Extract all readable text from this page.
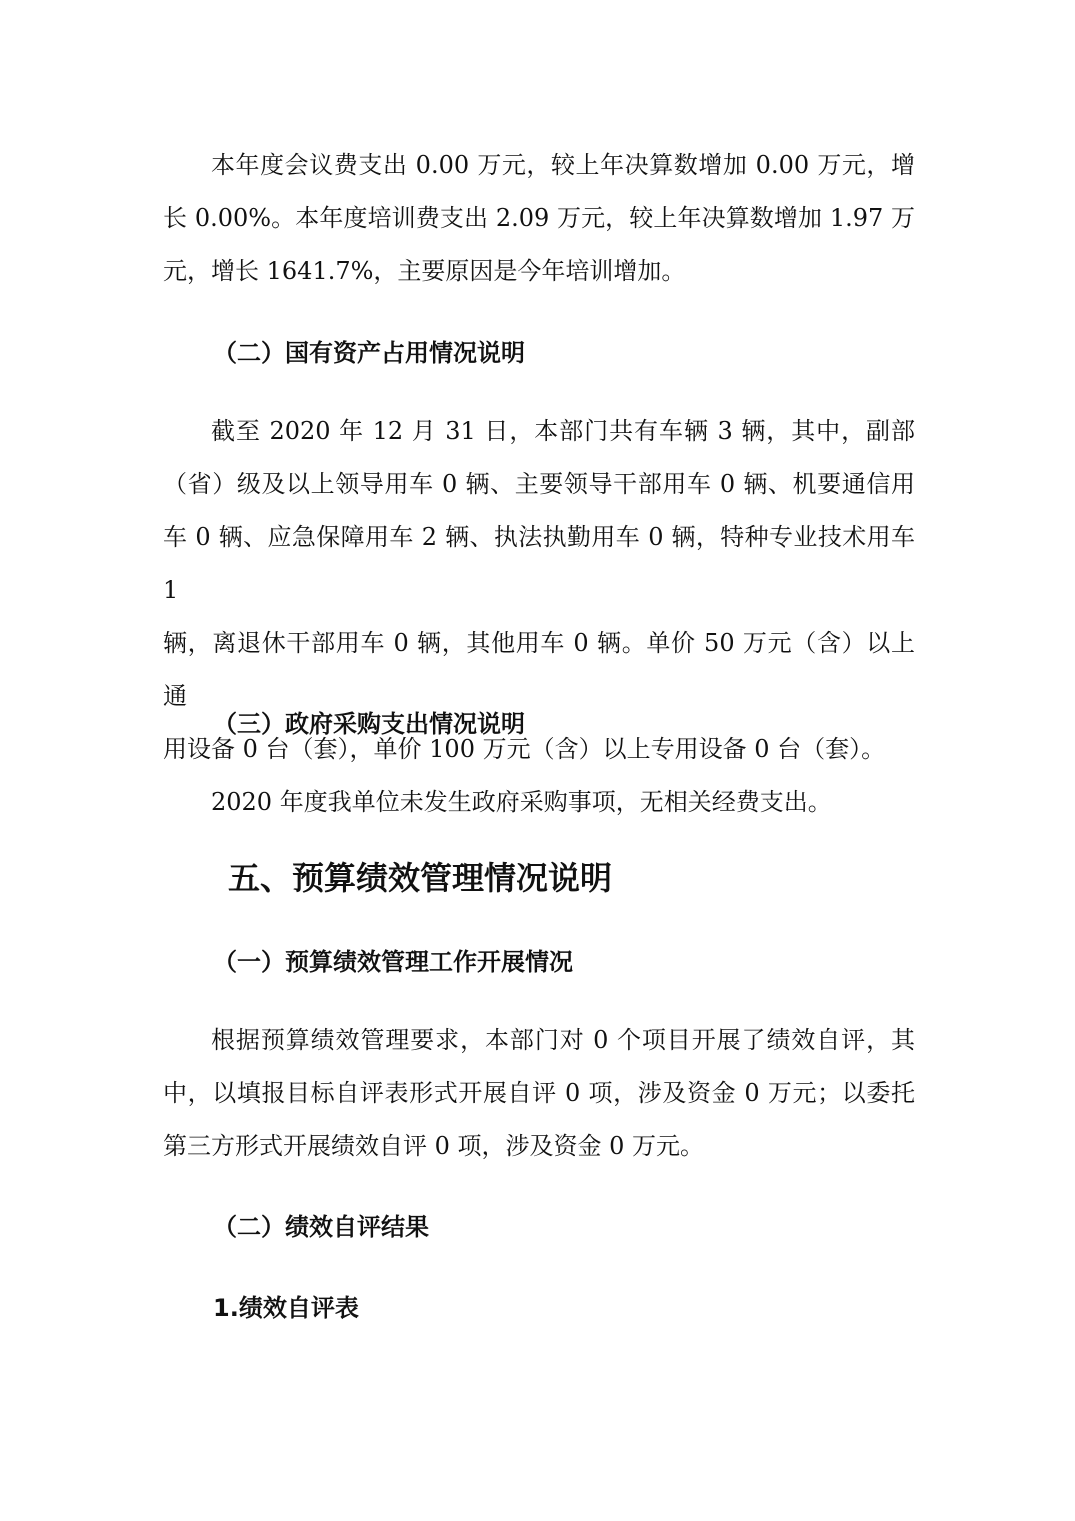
本年度会议费支出 0.00 万元，较上年决算数增加 0.00 万元，增
长 0.00%。本年度培训费支出 2.09 万元，较上年决算数增加 1.97 万
元，增长 1641.7%，主要原因是今年培训增加。
（二）国有资产占用情况说明
截至 2020 年 12 月 31 日，本部门共有车辆 3 辆，其中，副部
（省）级及以上领导用车 0 辆、主要领导干部用车 0 辆、机要通信用
车 0 辆、应急保障用车 2 辆、执法执勤用车 0 辆，特种专业技术用车 1
辆，离退休干部用车 0 辆，其他用车 0 辆。单价 50 万元（含）以上通
用设备 0 台（套），单价 100 万元（含）以上专用设备 0 台（套）。
（三）政府采购支出情况说明
2020 年度我单位未发生政府采购事项，无相关经费支出。
五、预算绩效管理情况说明
（一）预算绩效管理工作开展情况
根据预算绩效管理要求，本部门对 0 个项目开展了绩效自评，其
中，以填报目标自评表形式开展自评 0 项，涉及资金 0 万元；以委托
第三方形式开展绩效自评 0 项，涉及资金 0 万元。
（二）绩效自评结果
1.绩效自评表
